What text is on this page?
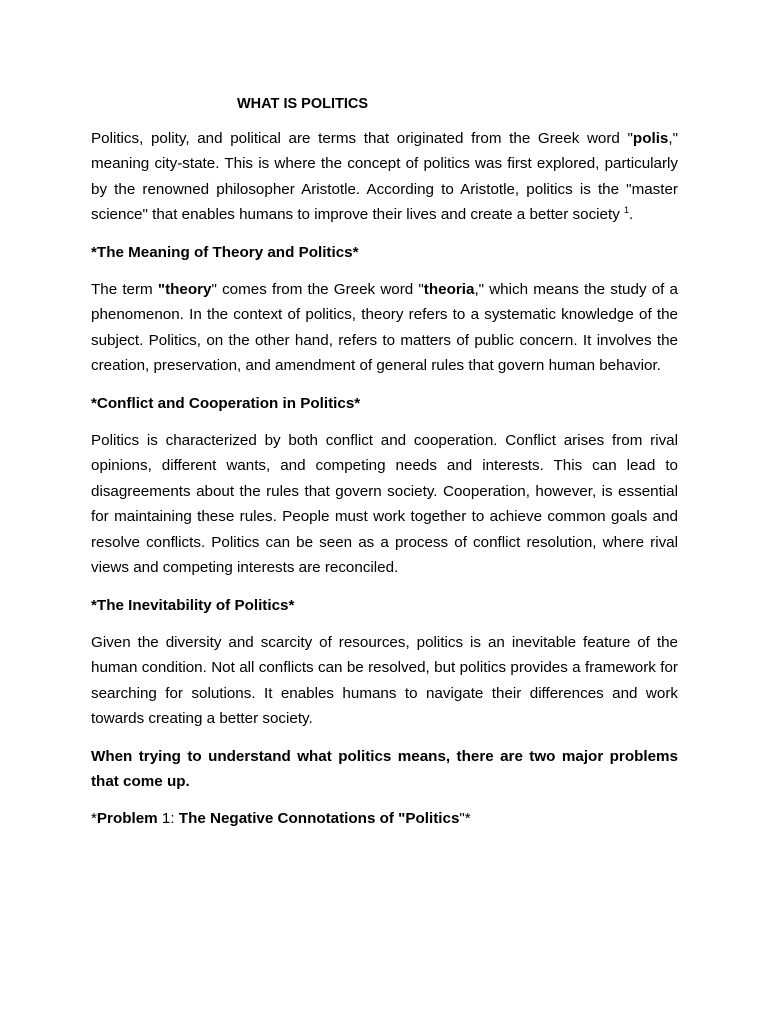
WHAT IS POLITICS

Politics, polity, and political are terms that originated from the Greek word "polis," meaning city-state. This is where the concept of politics was first explored, particularly by the renowned philosopher Aristotle. According to Aristotle, politics is the "master science" that enables humans to improve their lives and create a better society $^1$.

*The Meaning of Theory and Politics*

The term "theory" comes from the Greek word "theoria," which means the study of a phenomenon. In the context of politics, theory refers to a systematic knowledge of the subject. Politics, on the other hand, refers to matters of public concern. It involves the creation, preservation, and amendment of general rules that govern human behavior.

*Conflict and Cooperation in Politics*

Politics is characterized by both conflict and cooperation. Conflict arises from rival opinions, different wants, and competing needs and interests. This can lead to disagreements about the rules that govern society. Cooperation, however, is essential for maintaining these rules. People must work together to achieve common goals and resolve conflicts. Politics can be seen as a process of conflict resolution, where rival views and competing interests are reconciled.

*The Inevitability of Politics*

Given the diversity and scarcity of resources, politics is an inevitable feature of the human condition. Not all conflicts can be resolved, but politics provides a framework for searching for solutions. It enables humans to navigate their differences and work towards creating a better society.

When trying to understand what politics means, there are two major problems that come up.

*Problem 1: The Negative Connotations of "Politics"*
